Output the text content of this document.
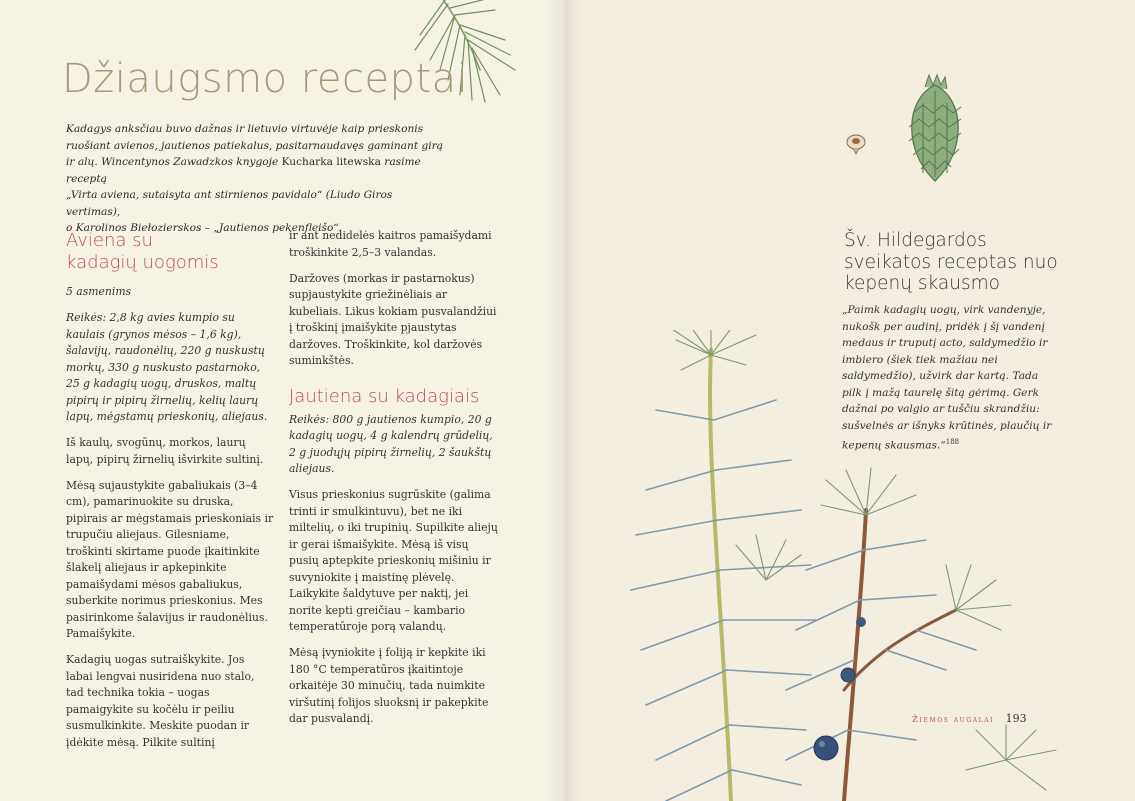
Džiaugsmo receptai

Kadagys anksčiau buvo dažnas ir lietuvio virtuvėje kaip prieskonis
ruošiant avienos, jautienos patiekalus, pasitarnaudavęs gaminant girą
ir alų. Wincentynos Zawadzkos knygoje Kucharka litewska rasime receptą
„Virta aviena, sutaisyta ant stirnienos pavidalo“ (Liudo Giros vertimas),
o Karolinos Biełozierskos – „Jautienos pekenfleišo“.

Aviena su
kadagių uogomis

5 asmenims

Reikės: 2,8 kg avies kumpio su kaulais (grynos mėsos – 1,6 kg), šalavijų, raudonėlių, 220 g nuskustų morkų, 330 g nuskusto pastarnoko, 25 g kadagių uogų, druskos, maltų pipirų ir pipirų žirnelių, kelių laurų lapų, mėgstamų prieskonių, aliejaus.

Iš kaulų, svogūnų, morkos, laurų lapų, pipirų žirnelių išvirkite sultinį.

Mėsą sujaustykite gabaliukais (3–4 cm), pamarinuokite su druska, pipirais ar mėgstamais prieskoniais ir trupučiu aliejaus. Gilesniame, troškinti skirtame puode įkaitinkite šlakelį aliejaus ir apkepinkite pamaišydami mėsos gabaliukus, suberkite norimus prieskonius. Mes pasirinkome šalavijus ir raudonėlius. Pamaišykite.

Kadagių uogas sutraiškykite. Jos labai lengvai nusiridena nuo stalo, tad technika tokia – uogas pamaigykite su kočėlu ir peiliu susmulkinkite. Meskite puodan ir įdėkite mėsą. Pilkite sultinį

ir ant nedidelės kaitros pamaišydami troškinkite 2,5–3 valandas.

Daržoves (morkas ir pastarnokus) supjaustykite griežinėliais ar kubeliais. Likus kokiam pusvalandžiui į troškinį įmaišykite pjaustytas daržoves. Troškinkite, kol daržovės suminkštės.

Jautiena su kadagiais

Reikės: 800 g jautienos kumpio, 20 g kadagių uogų, 4 g kalendrų grūdelių, 2 g juodųjų pipirų žirnelių, 2 šaukštų aliejaus.

Visus prieskonius sugrūskite (galima trinti ir smulkintuvu), bet ne iki miltelių, o iki trupinių. Supilkite aliejų ir gerai išmaišykite. Mėsą iš visų pusių aptepkite prieskonių mišiniu ir suvyniokite į maistinę plėvelę. Laikykite šaldytuve per naktį, jei norite kepti greičiau – kambario temperatūroje porą valandų.

Mėsą įvyniokite į foliją ir kepkite iki 180 °C temperatūros įkaitintoje orkaitėje 30 minučių, tada nuimkite viršutinį folijos sluoksnį ir pakepkite dar pusvalandį.

Šv. Hildegardos sveikatos receptas nuo kepenų skausmo

„Paimk kadagių uogų, virk vandenyje, nukošk per audinį, pridėk į šį vandenį medaus ir truputį acto, saldymedžio ir imbiero (šiek tiek mažiau nei saldymedžio), užvirk dar kartą. Tada pilk į mažą taurelę šitą gėrimą. Gerk dažnai po valgio ar tuščiu skrandžiu: sušvelnės ar išnyks krūtinės, plaučių ir kepenų skausmas.“$^{188}$

Žiemos augalai 193
